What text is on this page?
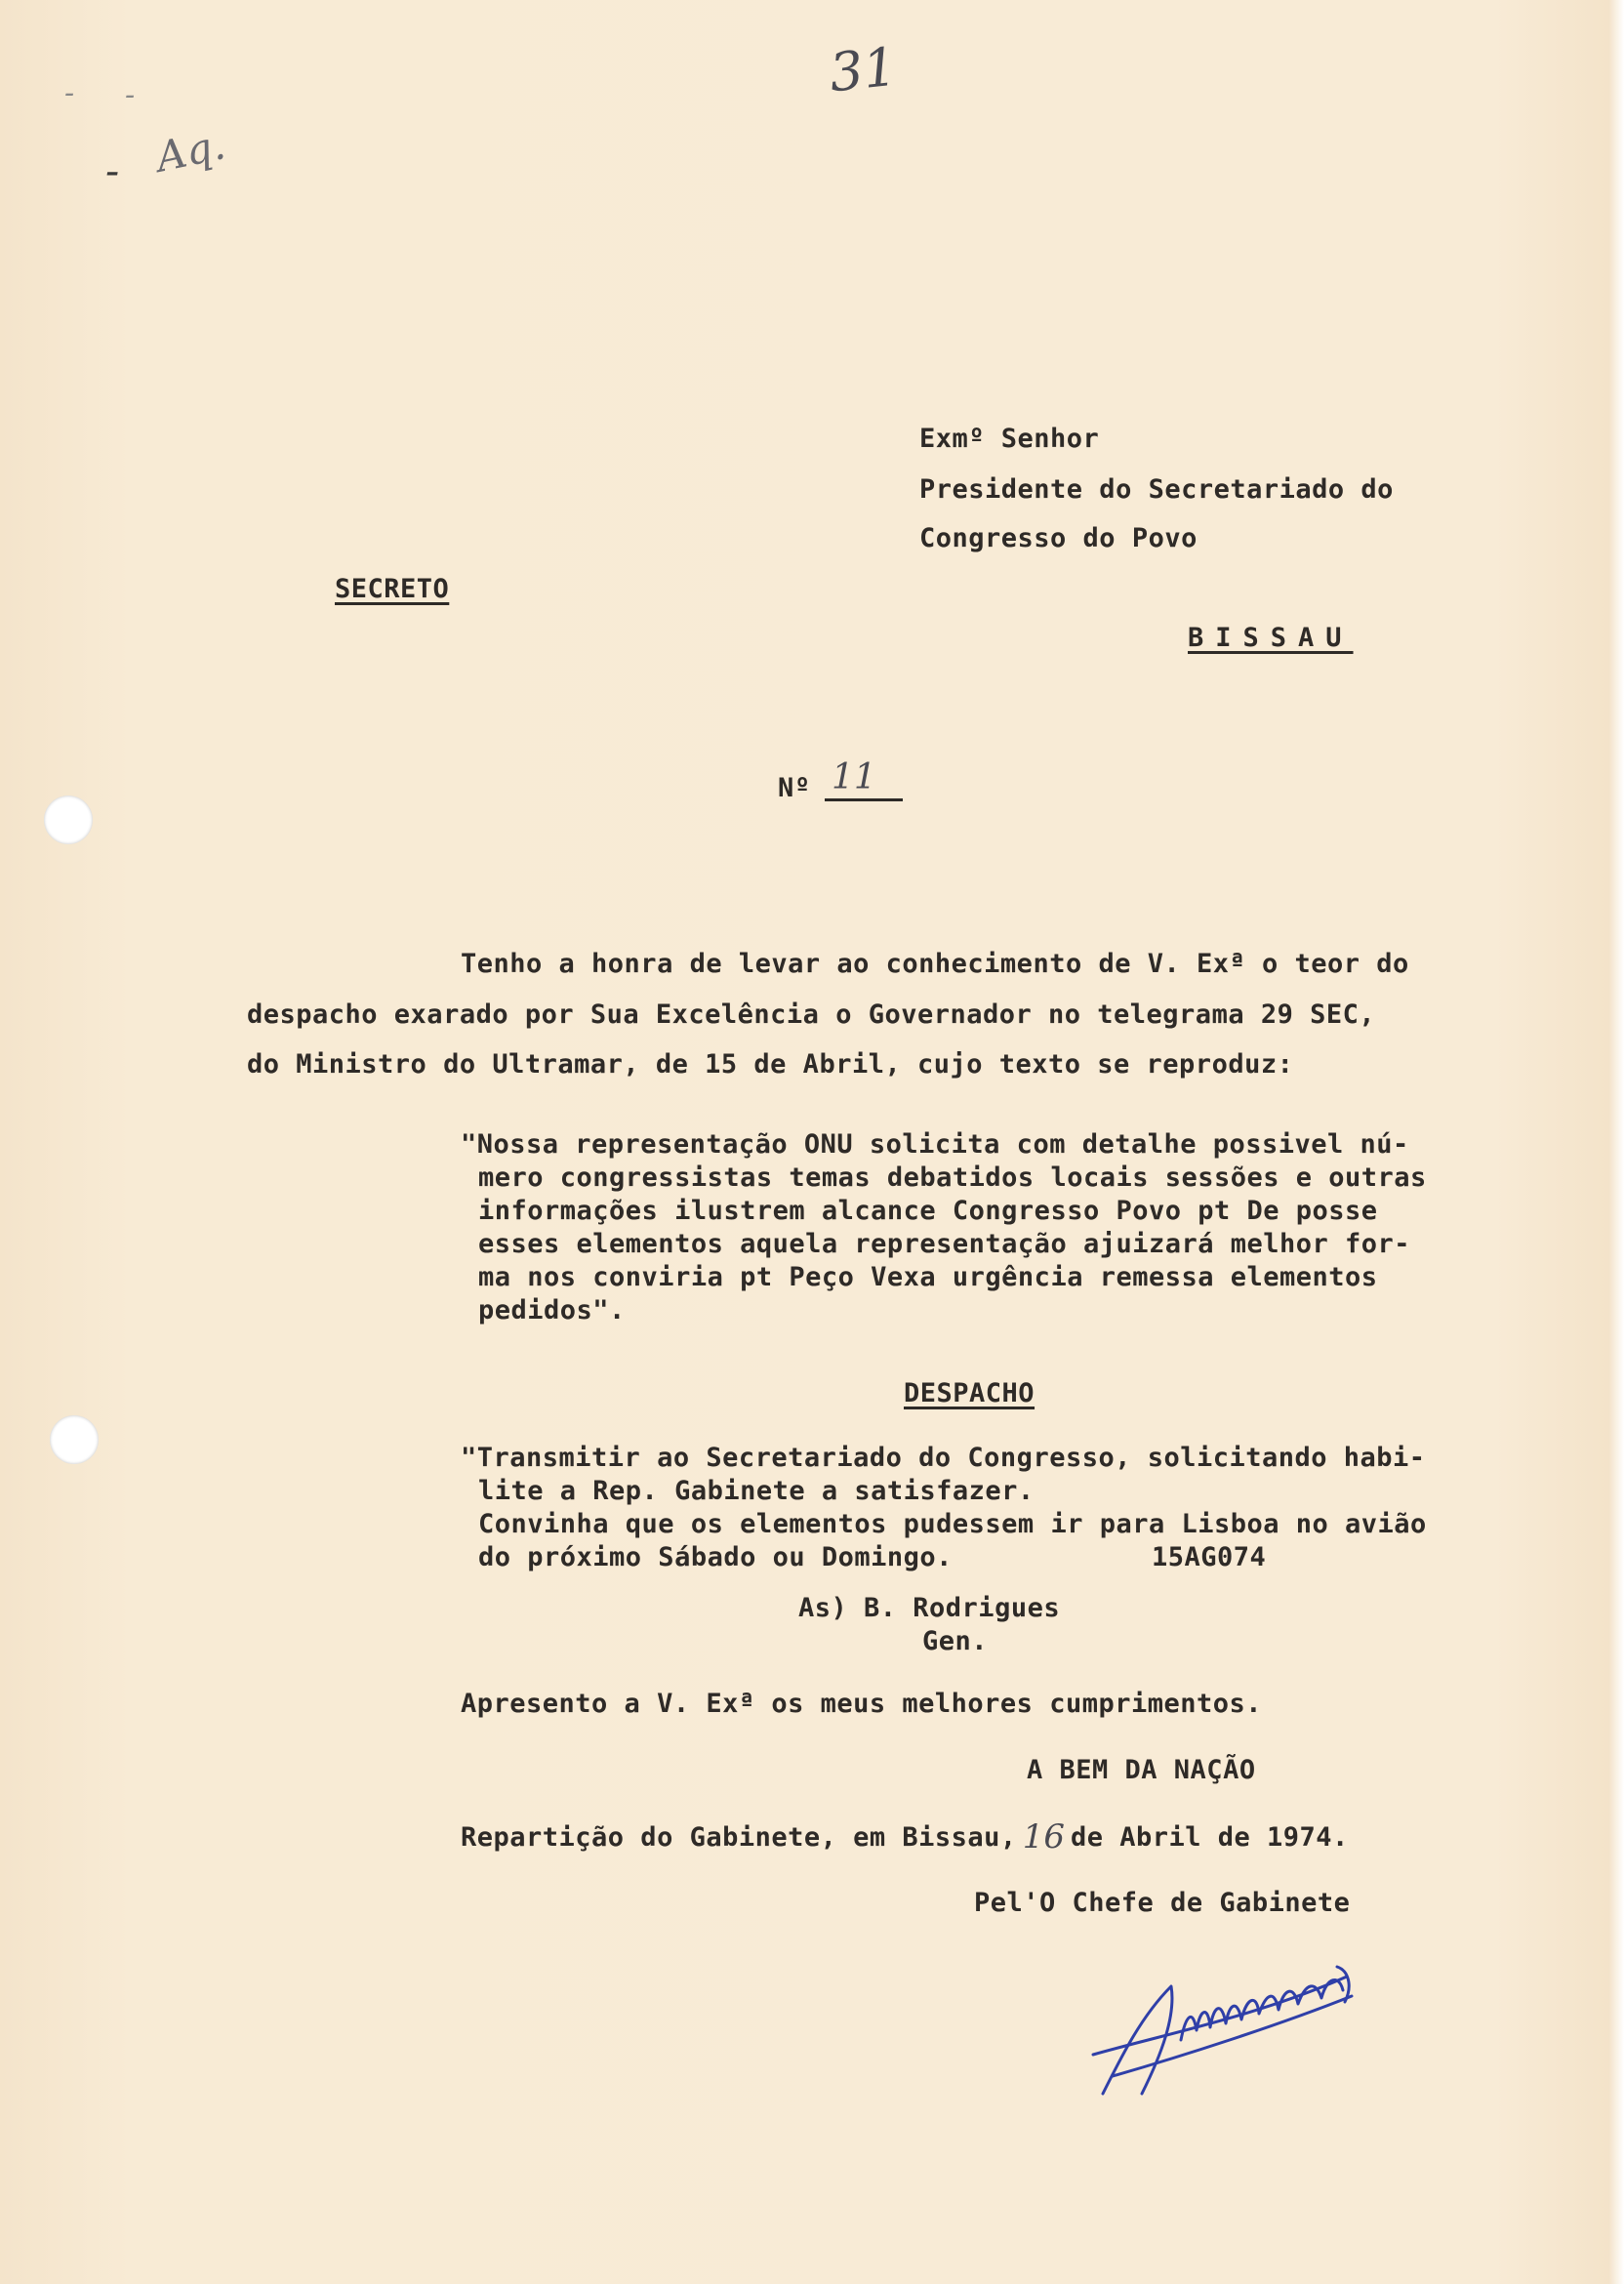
31
Aq.
-
- -

Exmº Senhor

Presidente do Secretariado do

Congresso do Povo

SECRETO

BISSAU

Nº 11

Tenho a honra de levar ao conhecimento de V. Exª o teor do

despacho exarado por Sua Excelência o Governador no telegrama 29 SEC,

do Ministro do Ultramar, de 15 de Abril, cujo texto se reproduz:

"Nossa representação ONU solicita com detalhe possivel nú-

mero congressistas temas debatidos locais sessões e outras

informações ilustrem alcance Congresso Povo pt De posse

esses elementos aquela representação ajuizará melhor for-

ma nos conviria pt Peço Vexa urgência remessa elementos

pedidos".

DESPACHO

"Transmitir ao Secretariado do Congresso, solicitando habi-

lite a Rep. Gabinete a satisfazer.

Convinha que os elementos pudessem ir para Lisboa no avião

do próximo Sábado ou Domingo.	15AG074

As) B. Rodrigues

Gen.

Apresento a V. Exª os meus melhores cumprimentos.

A BEM DA NAÇÃO

Repartição do Gabinete, em Bissau, 16 de Abril de 1974.

Pel'O Chefe de Gabinete
